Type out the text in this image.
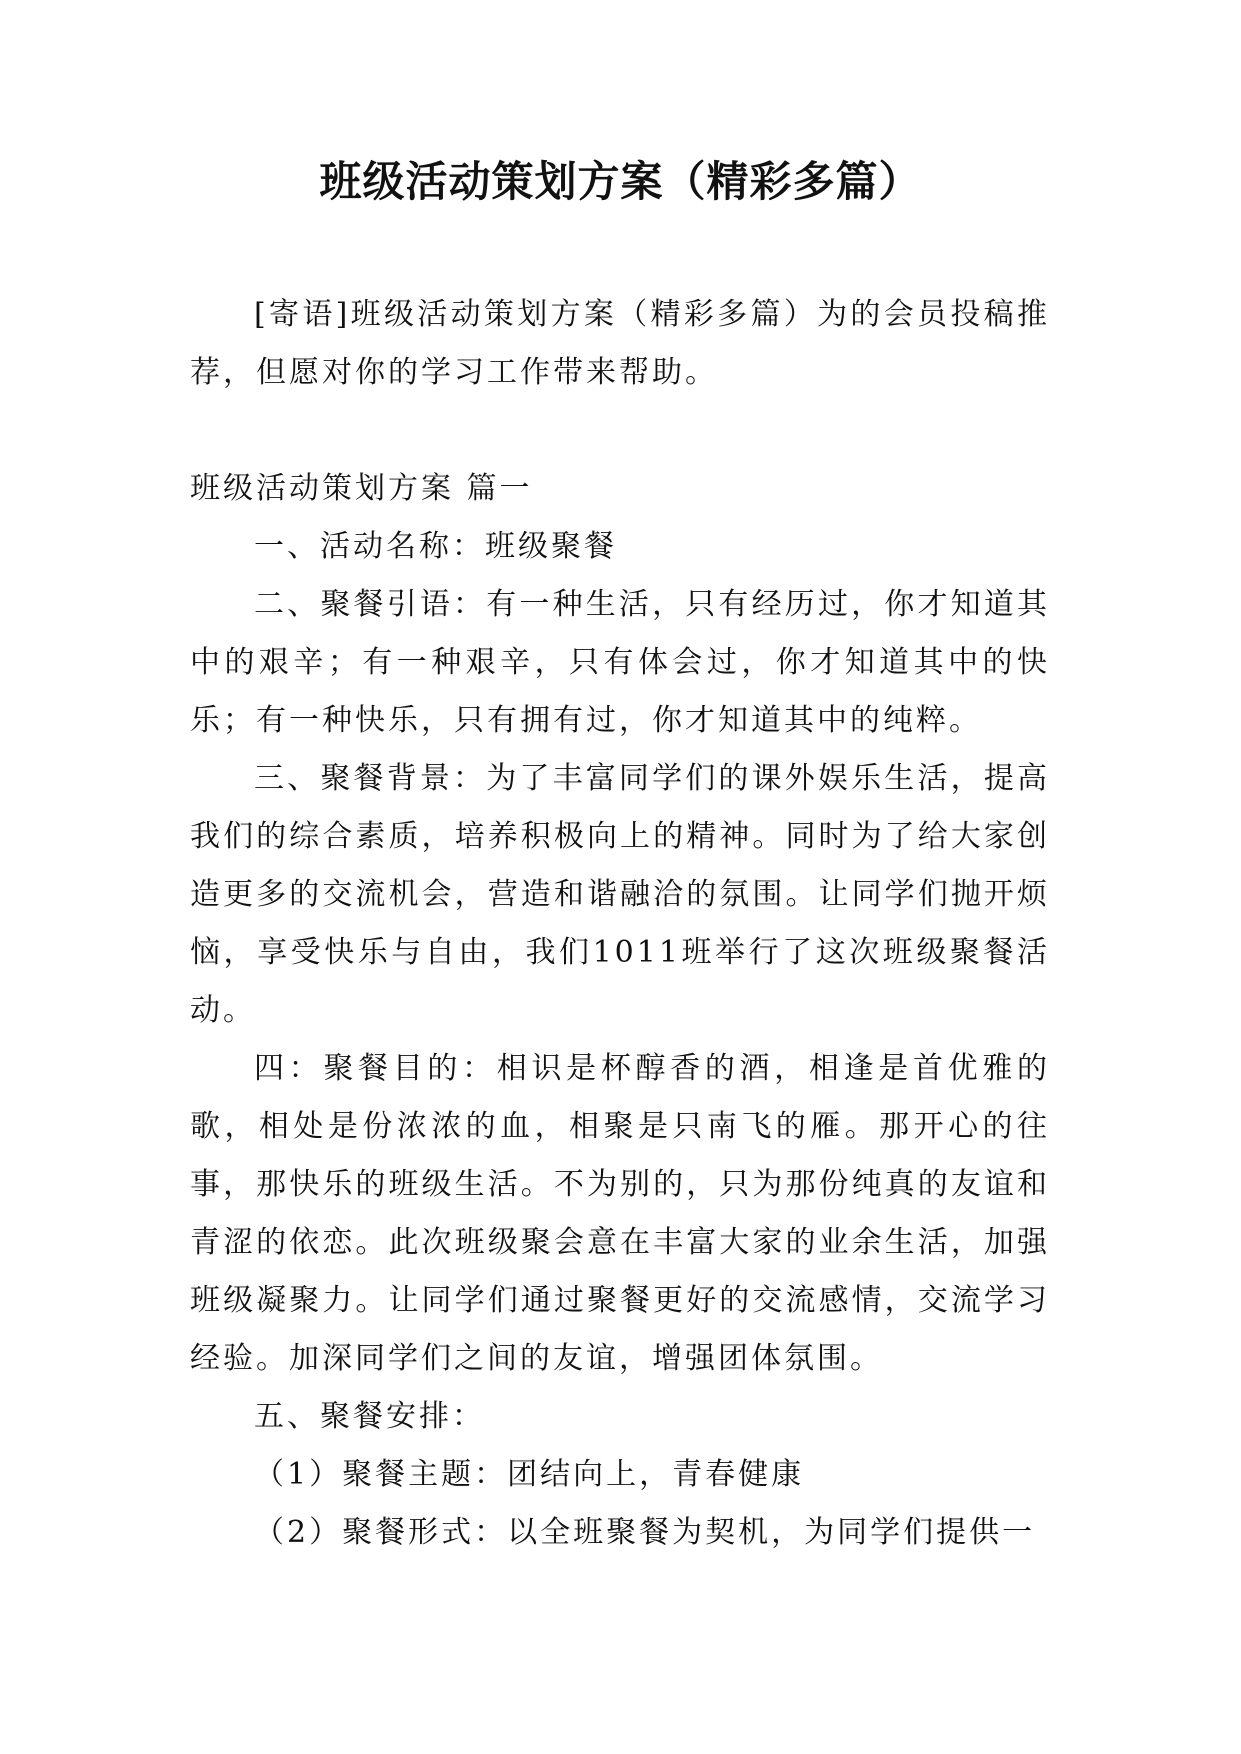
班级活动策划方案（精彩多篇）

[寄语]班级活动策划方案（精彩多篇）为的会员投稿推荐，但愿对你的学习工作带来帮助。

班级活动策划方案 篇一

一、活动名称：班级聚餐

二、聚餐引语：有一种生活，只有经历过，你才知道其中的艰辛；有一种艰辛，只有体会过，你才知道其中的快乐；有一种快乐，只有拥有过，你才知道其中的纯粹。

三、聚餐背景：为了丰富同学们的课外娱乐生活，提高我们的综合素质，培养积极向上的精神。同时为了给大家创造更多的交流机会，营造和谐融洽的氛围。让同学们抛开烦恼，享受快乐与自由，我们1011班举行了这次班级聚餐活动。

四：聚餐目的：相识是杯醇香的酒，相逢是首优雅的歌，相处是份浓浓的血，相聚是只南飞的雁。那开心的往事，那快乐的班级生活。不为别的，只为那份纯真的友谊和青涩的依恋。此次班级聚会意在丰富大家的业余生活，加强班级凝聚力。让同学们通过聚餐更好的交流感情，交流学习经验。加深同学们之间的友谊，增强团体氛围。

五、聚餐安排：

（1）聚餐主题：团结向上，青春健康

（2）聚餐形式：以全班聚餐为契机，为同学们提供一
